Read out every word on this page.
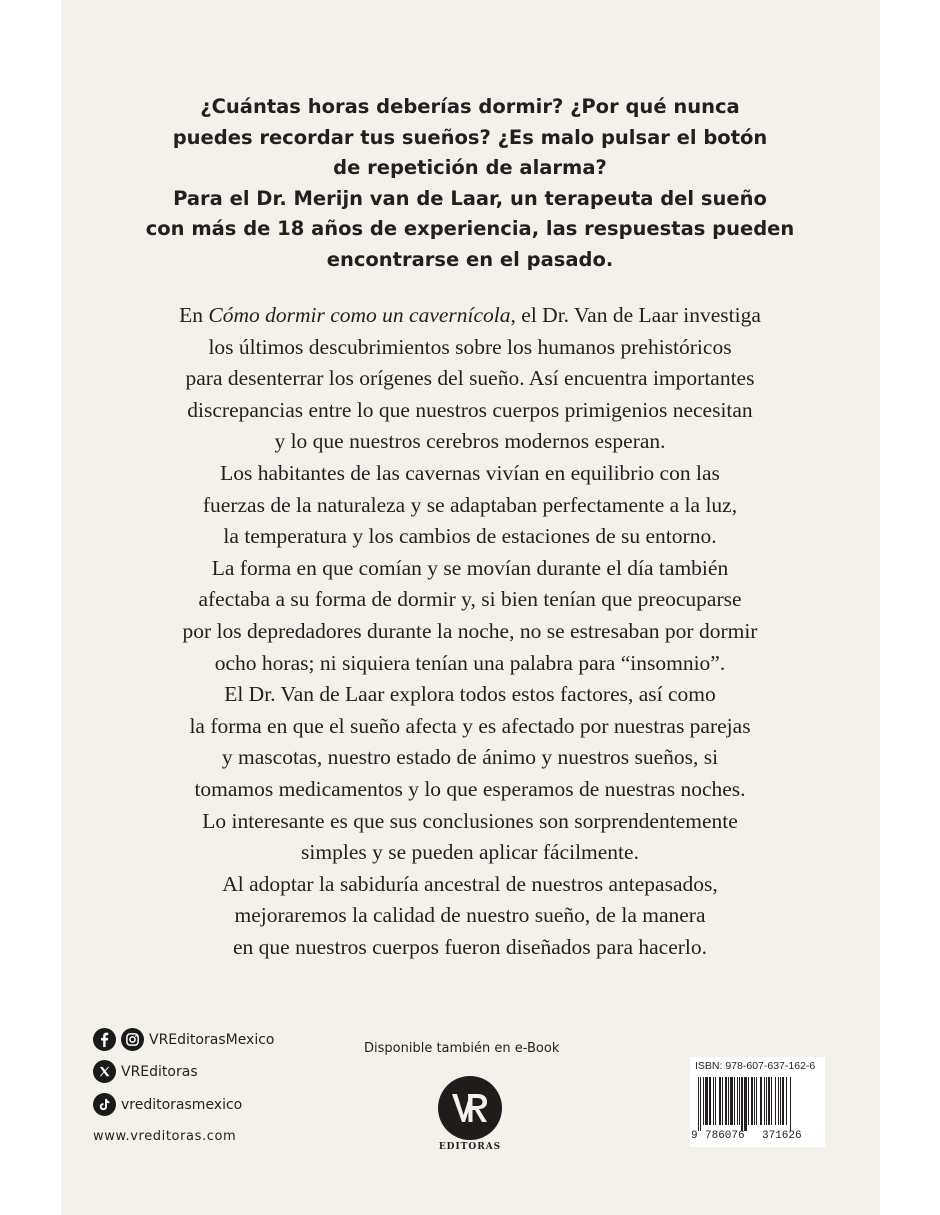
¿Cuántas horas deberías dormir? ¿Por qué nunca
puedes recordar tus sueños? ¿Es malo pulsar el botón
de repetición de alarma?
Para el Dr. Merijn van de Laar, un terapeuta del sueño
con más de 18 años de experiencia, las respuestas pueden
encontrarse en el pasado.
En Cómo dormir como un cavernícola, el Dr. Van de Laar investiga
los últimos descubrimientos sobre los humanos prehistóricos
para desenterrar los orígenes del sueño. Así encuentra importantes
discrepancias entre lo que nuestros cuerpos primigenios necesitan
y lo que nuestros cerebros modernos esperan.
Los habitantes de las cavernas vivían en equilibrio con las
fuerzas de la naturaleza y se adaptaban perfectamente a la luz,
la temperatura y los cambios de estaciones de su entorno.
La forma en que comían y se movían durante el día también
afectaba a su forma de dormir y, si bien tenían que preocuparse
por los depredadores durante la noche, no se estresaban por dormir
ocho horas; ni siquiera tenían una palabra para “insomnio”.
El Dr. Van de Laar explora todos estos factores, así como
la forma en que el sueño afecta y es afectado por nuestras parejas
y mascotas, nuestro estado de ánimo y nuestros sueños, si
tomamos medicamentos y lo que esperamos de nuestras noches.
Lo interesante es que sus conclusiones son sorprendentemente
simples y se pueden aplicar fácilmente.
Al adoptar la sabiduría ancestral de nuestros antepasados,
mejoraremos la calidad de nuestro sueño, de la manera
en que nuestros cuerpos fueron diseñados para hacerlo.
VREditorasMexico
VREditoras
vreditorasmexico
www.vreditoras.com
Disponible también en e-Book
EDITORAS
ISBN: 978-607-637-162-6
9 786076 371626
